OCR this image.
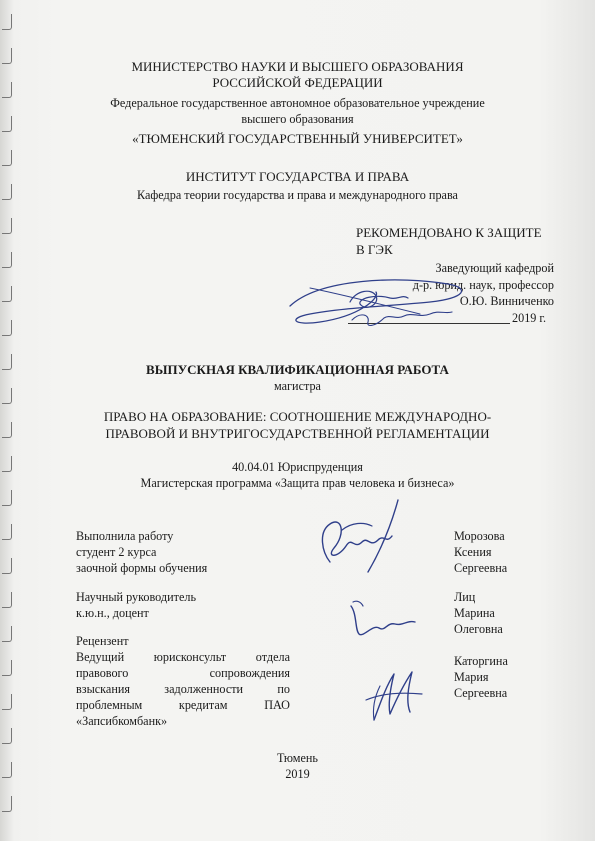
МИНИСТЕРСТВО НАУКИ И ВЫСШЕГО ОБРАЗОВАНИЯ
РОССИЙСКОЙ ФЕДЕРАЦИИ
Федеральное государственное автономное образовательное учреждение
высшего образования
«ТЮМЕНСКИЙ ГОСУДАРСТВЕННЫЙ УНИВЕРСИТЕТ»
ИНСТИТУТ ГОСУДАРСТВА И ПРАВА
Кафедра теории государства и права и международного права
РЕКОМЕНДОВАНО К ЗАЩИТЕ
В ГЭК
Заведующий кафедрой
д-р. юрид. наук, профессор
О.Ю. Винниченко
2019 г.
ВЫПУСКНАЯ КВАЛИФИКАЦИОННАЯ РАБОТА
магистра
ПРАВО НА ОБРАЗОВАНИЕ: СООТНОШЕНИЕ МЕЖДУНАРОДНО-
ПРАВОВОЙ И ВНУТРИГОСУДАРСТВЕННОЙ РЕГЛАМЕНТАЦИИ
40.04.01 Юриспруденция
Магистерская программа «Защита прав человека и бизнеса»
Выполнила работу
студент 2 курса
заочной формы обучения
Морозова
Ксения
Сергеевна
Научный руководитель
к.ю.н., доцент
Лиц
Марина
Олеговна
Рецензент
Ведущий юрисконсульт отдела
правового сопровождения
взыскания задолженности по
проблемным кредитам ПАО
«Запсибкомбанк»
Каторгина
Мария
Сергеевна
Тюмень
2019
